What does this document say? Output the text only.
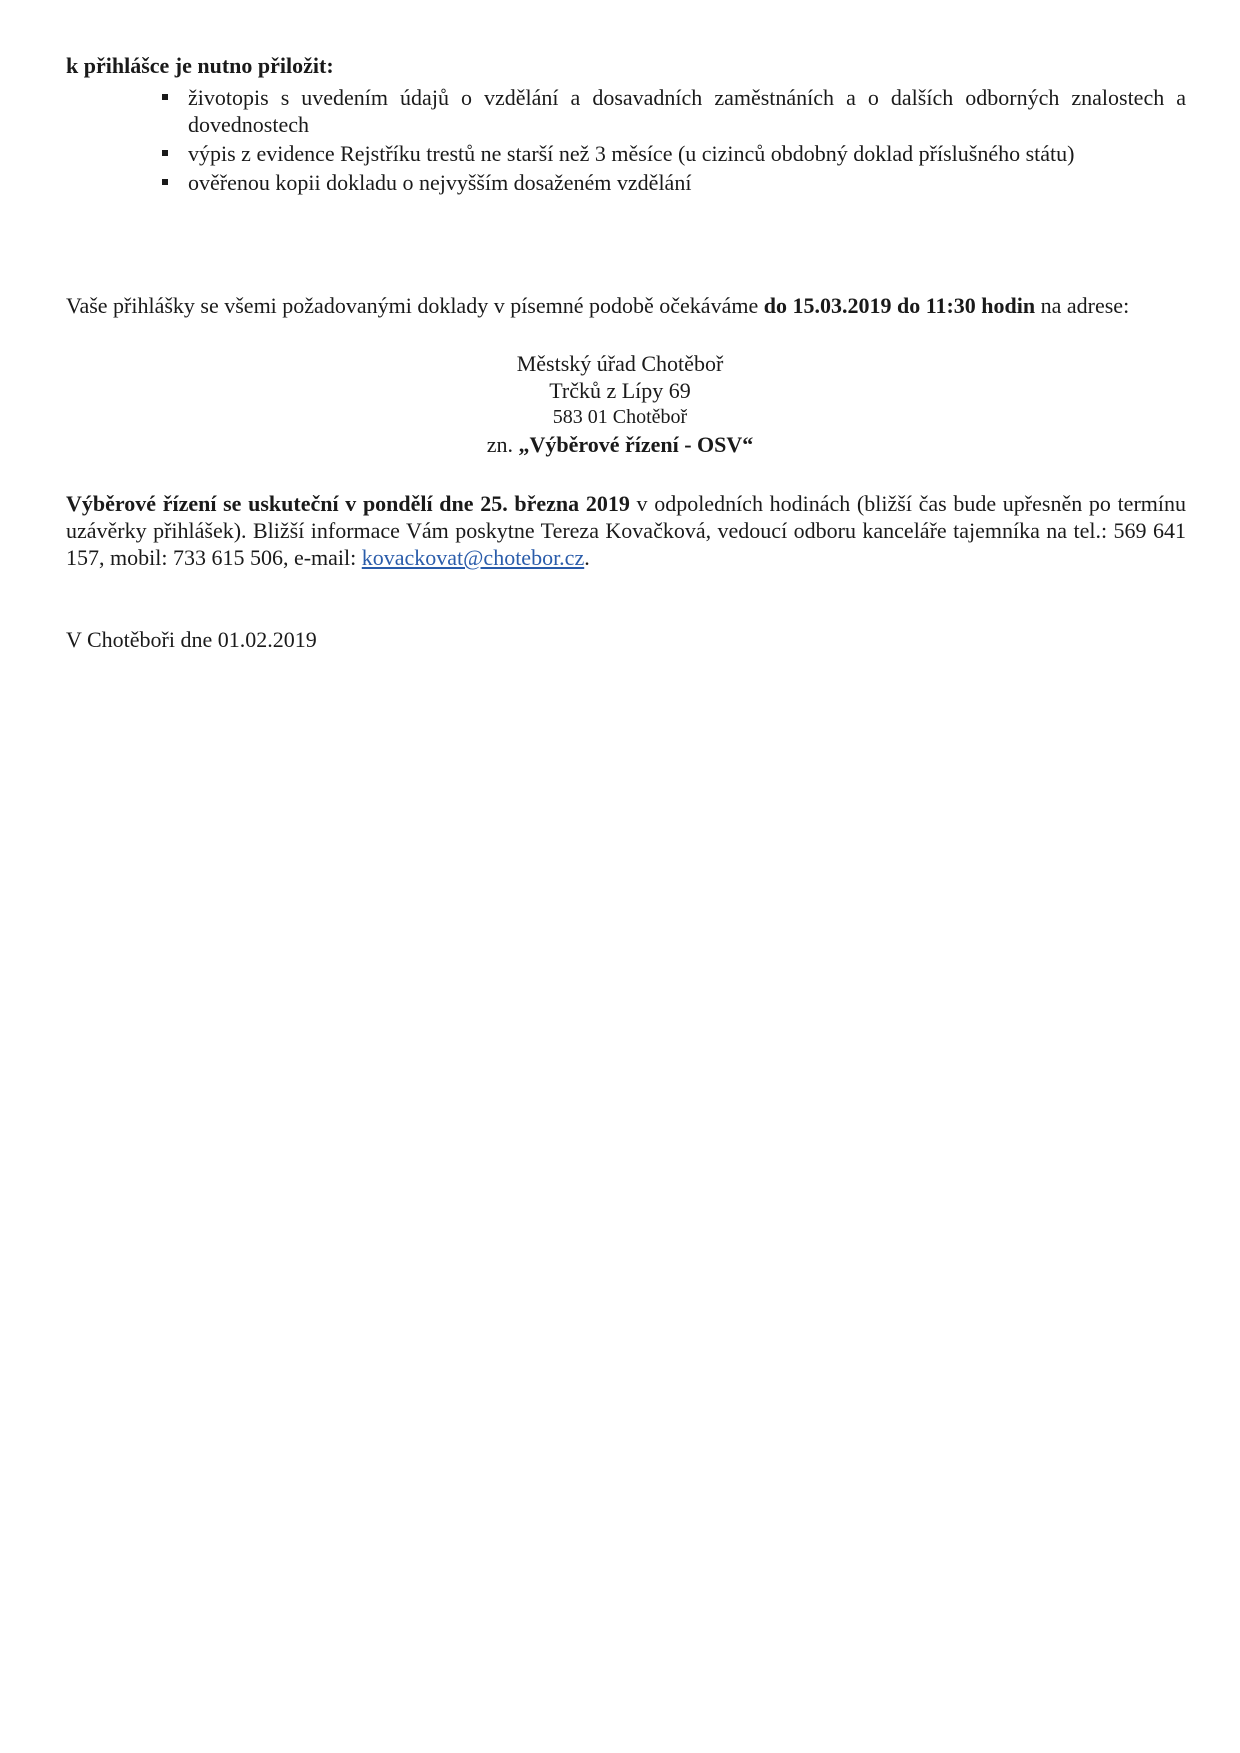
k přihlášce je nutno přiložit:
životopis s uvedením údajů o vzdělání a dosavadních zaměstnáních a o dalších odborných znalostech a dovednostech
výpis z evidence Rejstříku trestů ne starší než 3 měsíce (u cizinců obdobný doklad příslušného státu)
ověřenou kopii dokladu o nejvyšším dosaženém vzdělání
Vaše přihlášky se všemi požadovanými doklady v písemné podobě očekáváme do 15.03.2019 do 11:30 hodin na adrese:
Městský úřad Chotěboř
Trčků z Lípy 69
583 01 Chotěboř
zn. „Výběrové řízení - OSV“
Výběrové řízení se uskuteční v pondělí dne 25. března 2019 v odpoledních hodinách (bližší čas bude upřesněn po termínu uzávěrky přihlášek). Bližší informace Vám poskytne Tereza Kovačková, vedoucí odboru kanceláře tajemníka na tel.: 569 641 157, mobil: 733 615 506, e-mail: kovackovat@chotebor.cz.
V Chotěboři dne 01.02.2019
